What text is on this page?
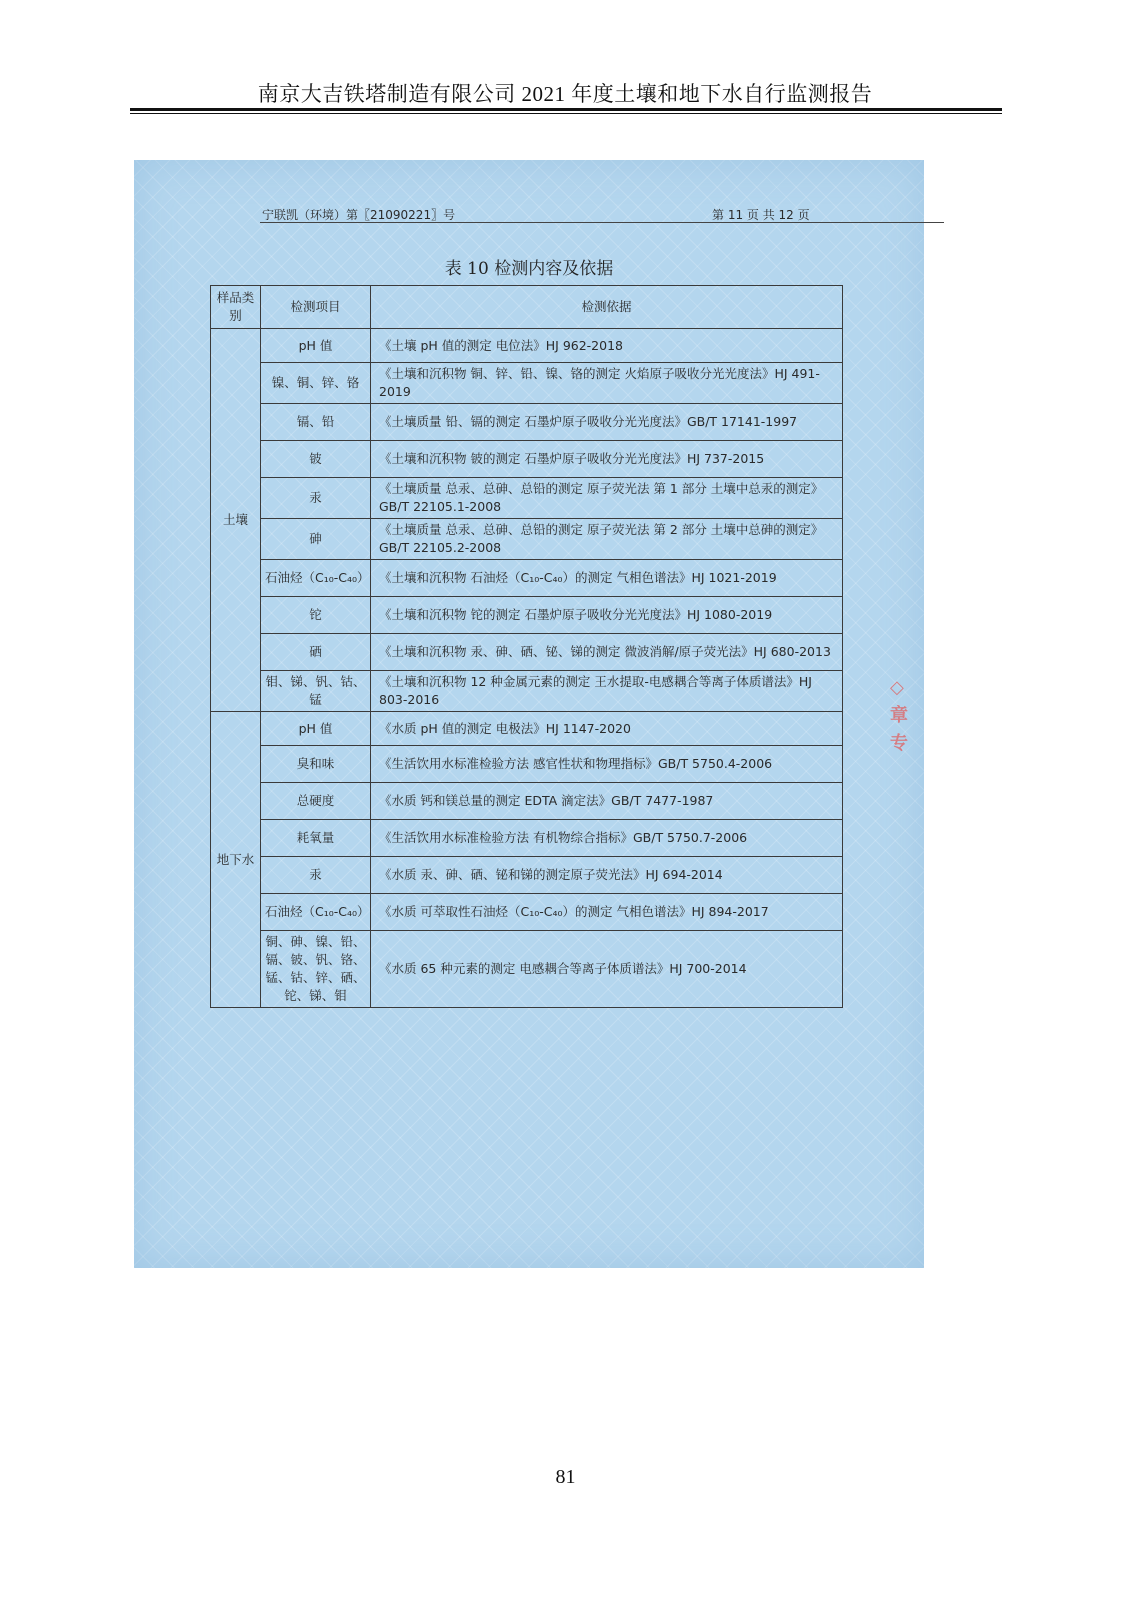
南京大吉铁塔制造有限公司 2021 年度土壤和地下水自行监测报告
宁联凯（环境）第〖21090221〗号	第 11 页 共 12 页
表 10 检测内容及依据
样品类别	检测项目	检测依据
土壤	pH 值	《土壤 pH 值的测定 电位法》HJ 962-2018
	镍、铜、锌、铬	《土壤和沉积物 铜、锌、铅、镍、铬的测定 火焰原子吸收分光光度法》HJ 491-2019
	镉、铅	《土壤质量 铅、镉的测定 石墨炉原子吸收分光光度法》GB/T 17141-1997
	铍	《土壤和沉积物 铍的测定 石墨炉原子吸收分光光度法》HJ 737-2015
	汞	《土壤质量 总汞、总砷、总铅的测定 原子荧光法 第 1 部分 土壤中总汞的测定》GB/T 22105.1-2008
	砷	《土壤质量 总汞、总砷、总铅的测定 原子荧光法 第 2 部分 土壤中总砷的测定》GB/T 22105.2-2008
	石油烃（C₁₀-C₄₀）	《土壤和沉积物 石油烃（C₁₀-C₄₀）的测定 气相色谱法》HJ 1021-2019
	铊	《土壤和沉积物 铊的测定 石墨炉原子吸收分光光度法》HJ 1080-2019
	硒	《土壤和沉积物 汞、砷、硒、铋、锑的测定 微波消解/原子荧光法》HJ 680-2013
	钼、锑、钒、钴、锰	《土壤和沉积物 12 种金属元素的测定 王水提取-电感耦合等离子体质谱法》HJ 803-2016
地下水	pH 值	《水质 pH 值的测定 电极法》HJ 1147-2020
	臭和味	《生活饮用水标准检验方法 感官性状和物理指标》GB/T 5750.4-2006
	总硬度	《水质 钙和镁总量的测定 EDTA 滴定法》GB/T 7477-1987
	耗氧量	《生活饮用水标准检验方法 有机物综合指标》GB/T 5750.7-2006
	汞	《水质 汞、砷、硒、铋和锑的测定原子荧光法》HJ 694-2014
	石油烃（C₁₀-C₄₀）	《水质 可萃取性石油烃（C₁₀-C₄₀）的测定 气相色谱法》HJ 894-2017
	铜、砷、镍、铅、镉、铍、钒、铬、锰、钴、锌、硒、铊、锑、钼	《水质 65 种元素的测定 电感耦合等离子体质谱法》HJ 700-2014
◇章专
81
